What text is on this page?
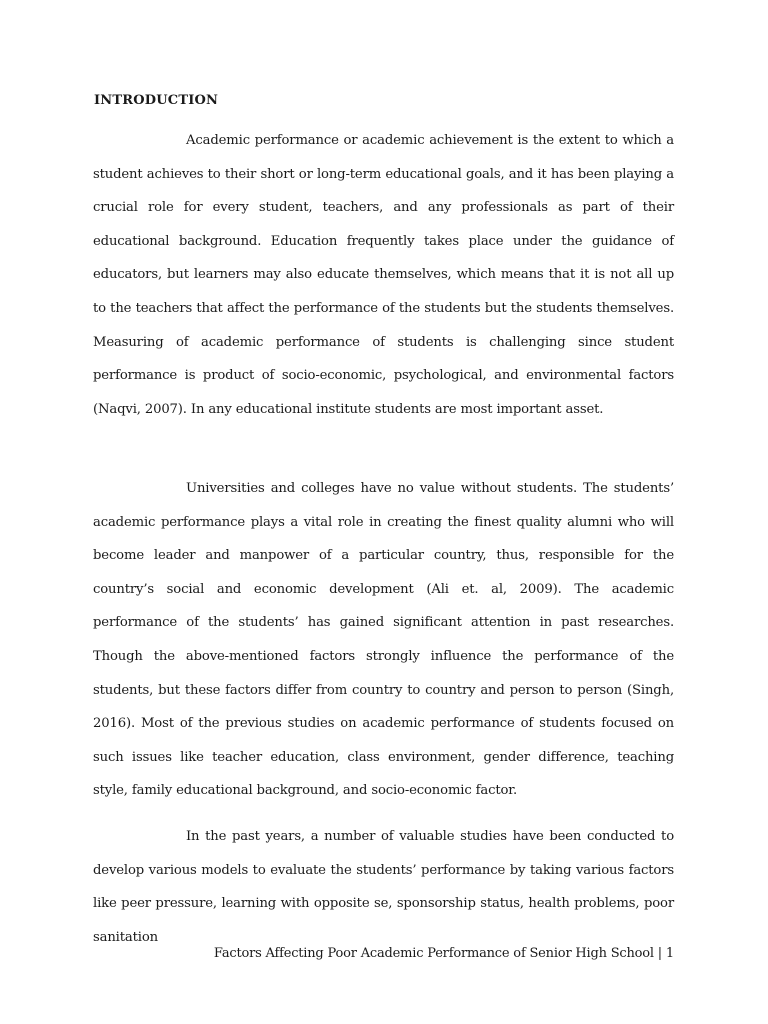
INTRODUCTION

Academic performance or academic achievement is the extent to which a student achieves to their short or long-term educational goals, and it has been playing a crucial role for every student, teachers, and any professionals as part of their educational background. Education frequently takes place under the guidance of educators, but learners may also educate themselves, which means that it is not all up to the teachers that affect the performance of the students but the students themselves. Measuring of academic performance of students is challenging since student performance is product of socio-economic, psychological, and environmental factors (Naqvi, 2007). In any educational institute students are most important asset.

Universities and colleges have no value without students. The students’ academic performance plays a vital role in creating the finest quality alumni who will become leader and manpower of a particular country, thus, responsible for the country’s social and economic development (Ali et. al, 2009). The academic performance of the students’ has gained significant attention in past researches. Though the above-mentioned factors strongly influence the performance of the students, but these factors differ from country to country and person to person (Singh, 2016). Most of the previous studies on academic performance of students focused on such issues like teacher education, class environment, gender difference, teaching style, family educational background, and socio-economic factor.

In the past years, a number of valuable studies have been conducted to develop various models to evaluate the students’ performance by taking various factors like peer pressure, learning with opposite se, sponsorship status, health problems, poor sanitation

Factors Affecting Poor Academic Performance of Senior High School | 1
